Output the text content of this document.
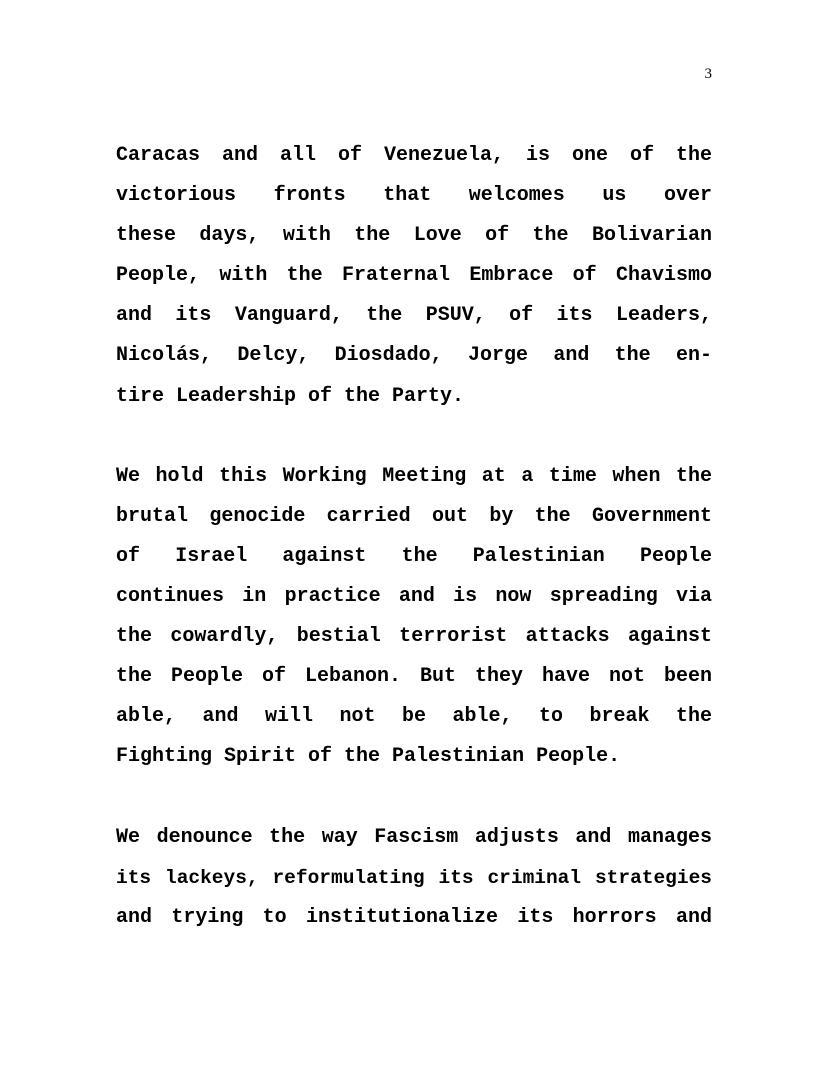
3
Caracas and all of Venezuela, is one of the
victorious fronts that welcomes us over
these days, with the Love of the Bolivarian
People, with the Fraternal Embrace of Chavismo
and its Vanguard, the PSUV, of its Leaders,
Nicolás, Delcy, Diosdado, Jorge and the en-
tire Leadership of the Party.
We hold this Working Meeting at a time when the
brutal genocide carried out by the Government
of Israel against the Palestinian People
continues in practice and is now spreading via
the cowardly, bestial terrorist attacks against
the People of Lebanon. But they have not been
able, and will not be able, to break the
Fighting Spirit of the Palestinian People.
We denounce the way Fascism adjusts and manages
its lackeys, reformulating its criminal strategies
and trying to institutionalize its horrors and
